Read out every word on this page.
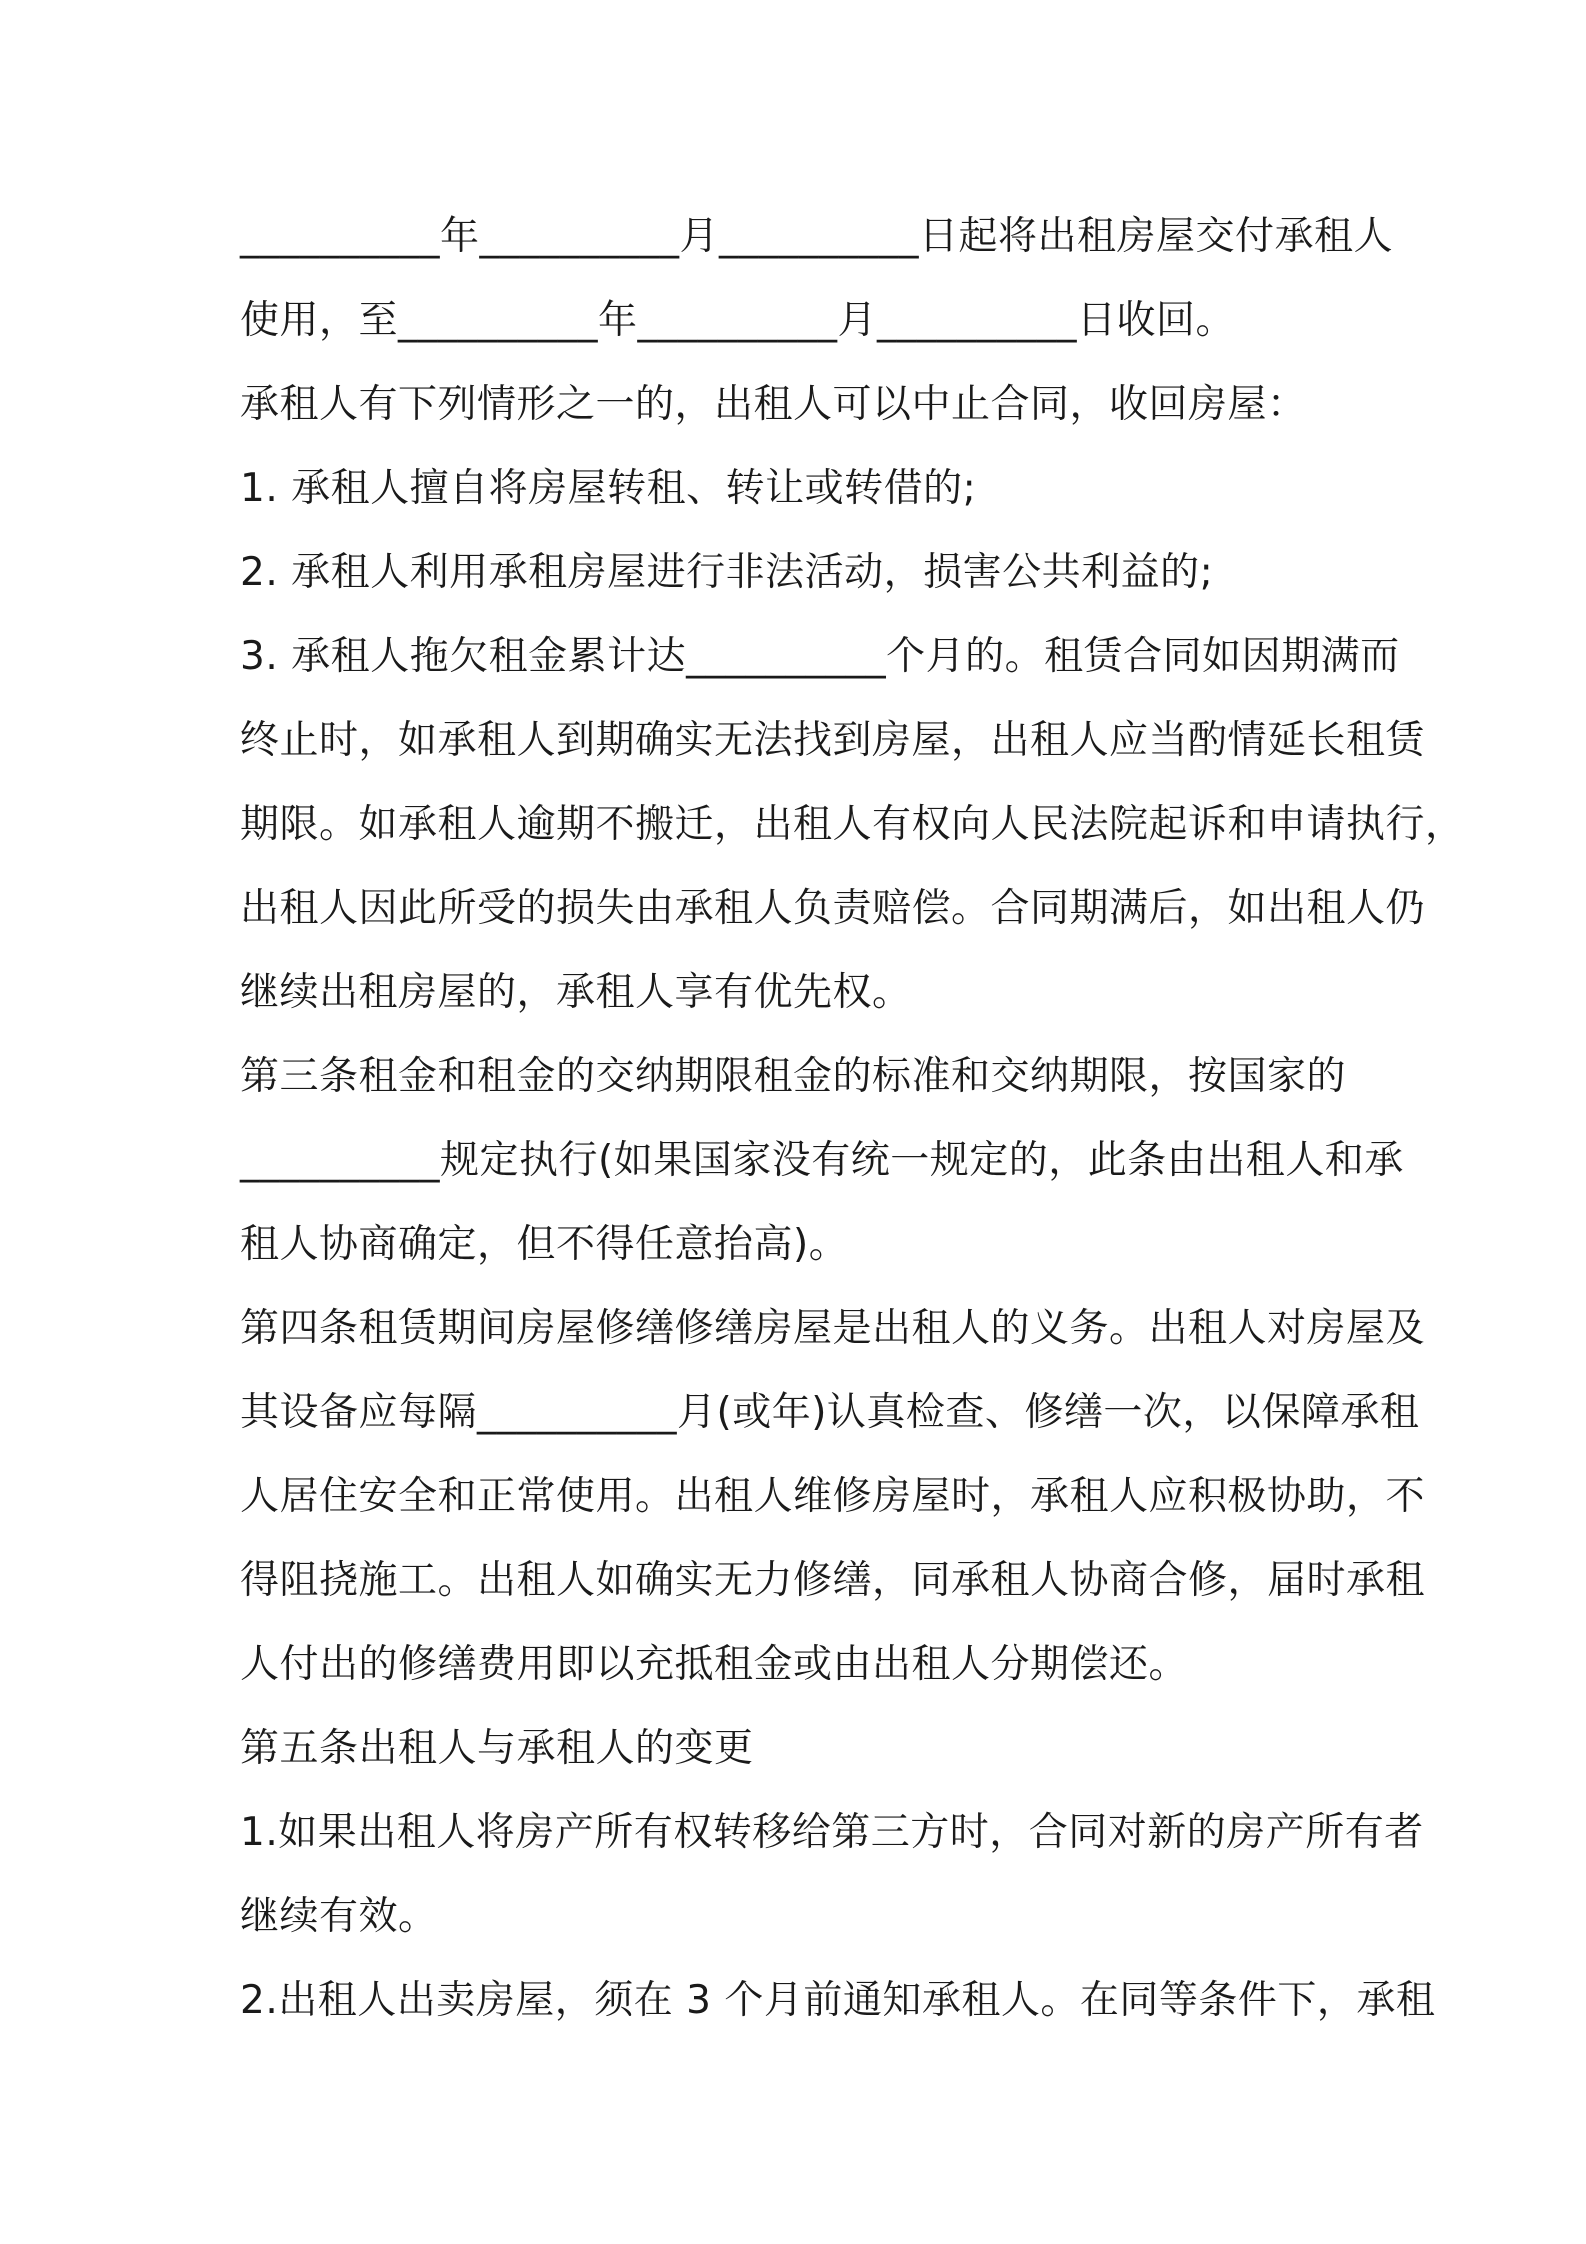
__________年__________月__________日起将出租房屋交付承租人
使用，至__________年__________月__________日收回。
承租人有下列情形之一的，出租人可以中止合同，收回房屋：
1. 承租人擅自将房屋转租、转让或转借的;
2. 承租人利用承租房屋进行非法活动，损害公共利益的;
3. 承租人拖欠租金累计达__________个月的。租赁合同如因期满而
终止时，如承租人到期确实无法找到房屋，出租人应当酌情延长租赁
期限。如承租人逾期不搬迁，出租人有权向人民法院起诉和申请执行，
出租人因此所受的损失由承租人负责赔偿。合同期满后，如出租人仍
继续出租房屋的，承租人享有优先权。
第三条租金和租金的交纳期限租金的标准和交纳期限，按国家的
__________规定执行(如果国家没有统一规定的，此条由出租人和承
租人协商确定，但不得任意抬高)。
第四条租赁期间房屋修缮修缮房屋是出租人的义务。出租人对房屋及
其设备应每隔__________月(或年)认真检查、修缮一次，以保障承租
人居住安全和正常使用。出租人维修房屋时，承租人应积极协助，不
得阻挠施工。出租人如确实无力修缮，同承租人协商合修，届时承租
人付出的修缮费用即以充抵租金或由出租人分期偿还。
第五条出租人与承租人的变更
1.如果出租人将房产所有权转移给第三方时，合同对新的房产所有者
继续有效。
2.出租人出卖房屋，须在 3 个月前通知承租人。在同等条件下，承租
